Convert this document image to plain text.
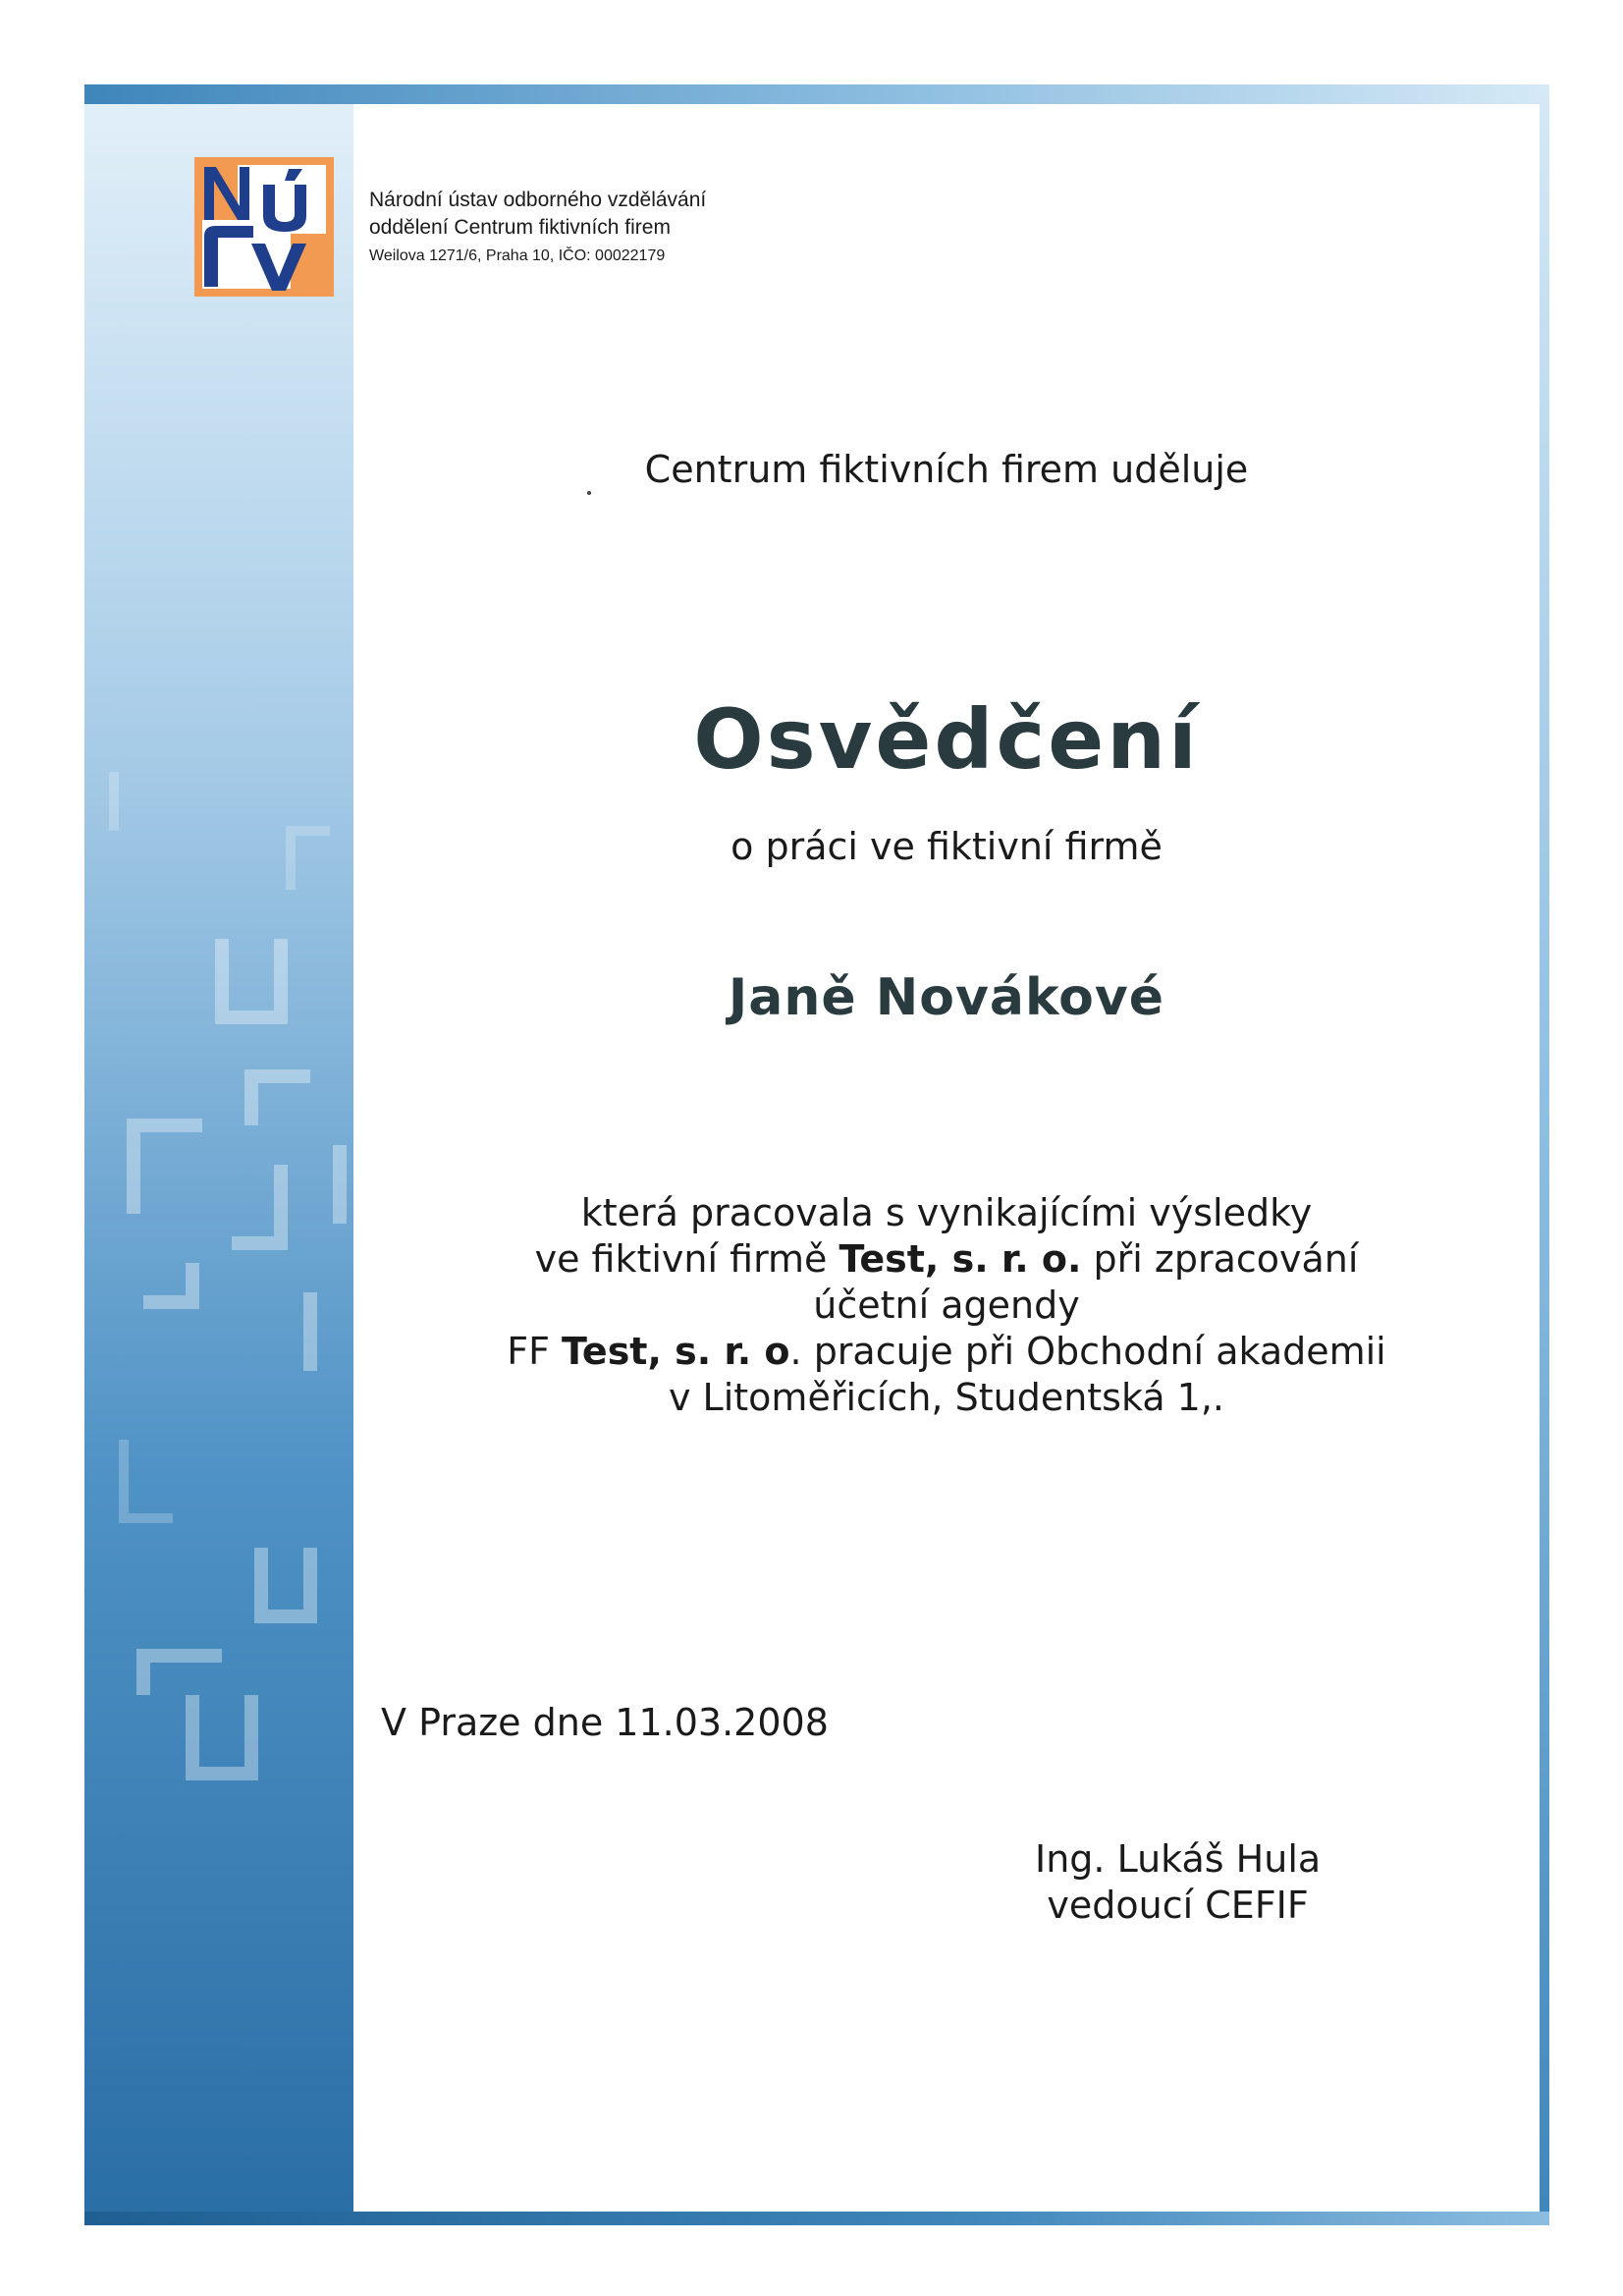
Národní ústav odborného vzdělávání
oddělení Centrum fiktivních firem
Weilova 1271/6, Praha 10, IČO: 00022179
Centrum fiktivních firem uděluje
Osvědčení
o práci ve fiktivní firmě
Janě Novákové
která pracovala s vynikajícími výsledky
ve fiktivní firmě Test, s. r. o. při zpracování
účetní agendy
FF Test, s. r. o. pracuje při Obchodní akademii
v Litoměřicích, Studentská 1,.
V Praze dne 11.03.2008
Ing. Lukáš Hula
vedoucí CEFIF
